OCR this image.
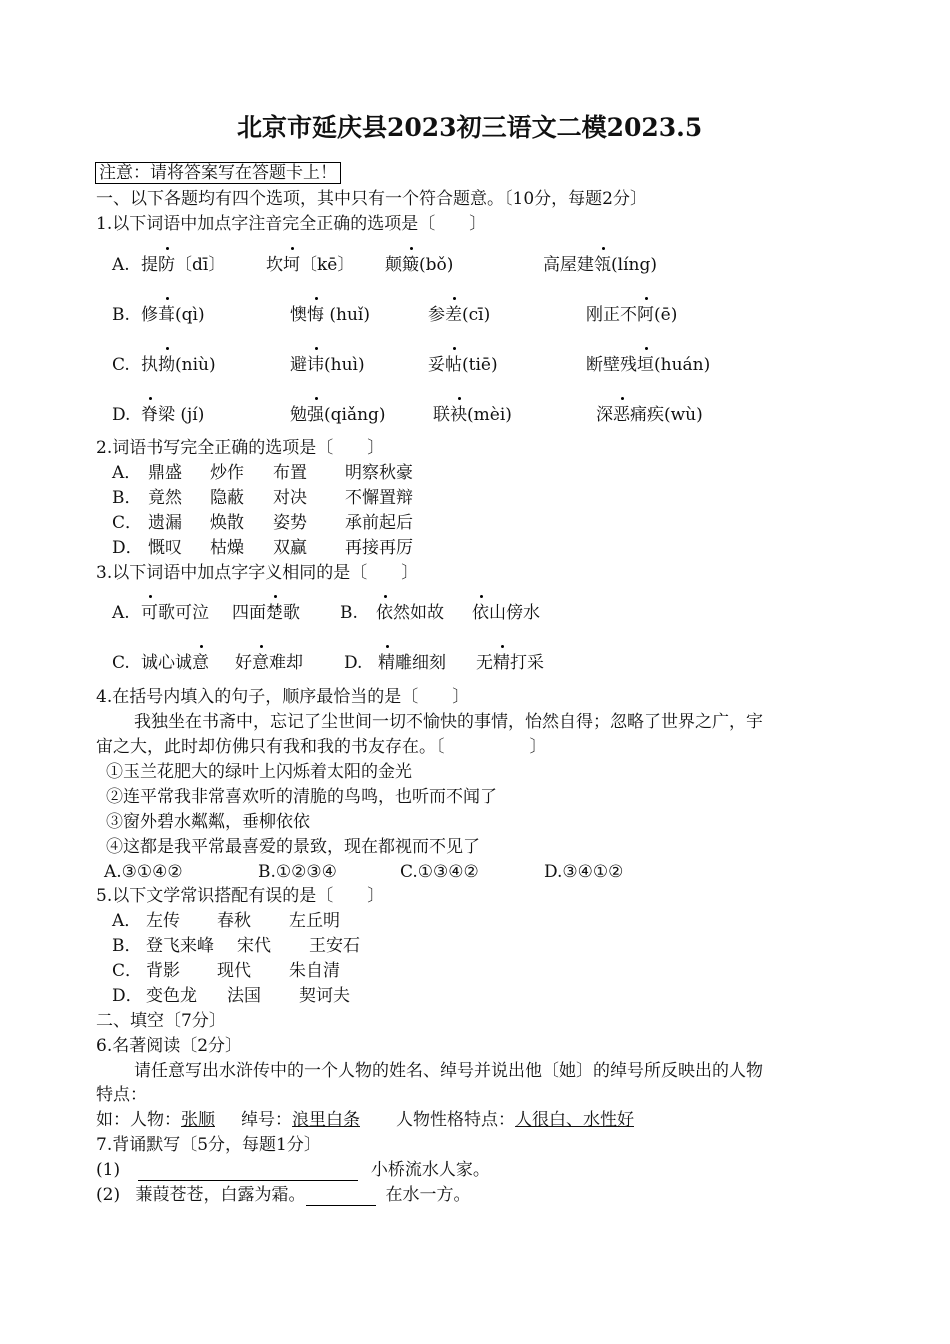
北京市延庆县2023初三语文二模2023.5
注意：请将答案写在答题卡上！
一、以下各题均有四个选项，其中只有一个符合题意。〔10分，每题2分〕
1.以下词语中加点字注音完全正确的选项是〔　　〕
A. 提防〔dī〕 坎坷〔kē〕 颠簸(bǒ)	高屋建瓴(líng)
B. 修葺(qì)	懊悔 (huǐ)	参差(cī)	刚正不阿(ē)
C. 执拗(niù)	避讳(huì)	妥帖(tiē)	断壁残垣(huán)
D. 脊梁 (jí)	勉强(qiǎng)	联袂(mèi)	深恶痛疾(wù)
2.词语书写完全正确的选项是〔　　〕
A． 鼎盛 炒作 布置 明察秋豪
B． 竟然 隐蔽 对决 不懈置辩
C． 遗漏 焕散 姿势 承前起后
D． 慨叹 枯燥 双赢 再接再厉
3.以下词语中加点字字义相同的是〔　　〕
A. 可歌可泣 四面楚歌 B. 依然如故 依山傍水
C. 诚心诚意 好意难却 D. 精雕细刻 无精打采
4.在括号内填入的句子，顺序最恰当的是〔　　〕
我独坐在书斋中，忘记了尘世间一切不愉快的事情，怡然自得；忽略了世界之广，宇
宙之大，此时却仿佛只有我和我的书友存在。〔　　　　　〕
①玉兰花肥大的绿叶上闪烁着太阳的金光
②连平常我非常喜欢听的清脆的鸟鸣，也听而不闻了
③窗外碧水粼粼，垂柳依依
④这都是我平常最喜爱的景致，现在都视而不见了
A.③①④②	B.①②③④	C.①③④②	D.③④①②
5.以下文学常识搭配有误的是〔　　〕
A． 左传 春秋 左丘明
B． 登飞来峰 宋代 王安石
C． 背影 现代 朱自清
D． 变色龙 法国 契诃夫
二、填空〔7分〕
6.名著阅读〔2分〕
请任意写出水浒传中的一个人物的姓名、绰号并说出他〔她〕的绰号所反映出的人物
特点：
如：人物：张顺 绰号：浪里白条 人物性格特点：人很白、水性好
7.背诵默写〔5分，每题1分〕
(1)	小桥流水人家。
(2) 蒹葭苍苍，白露为霜。	在水一方。
